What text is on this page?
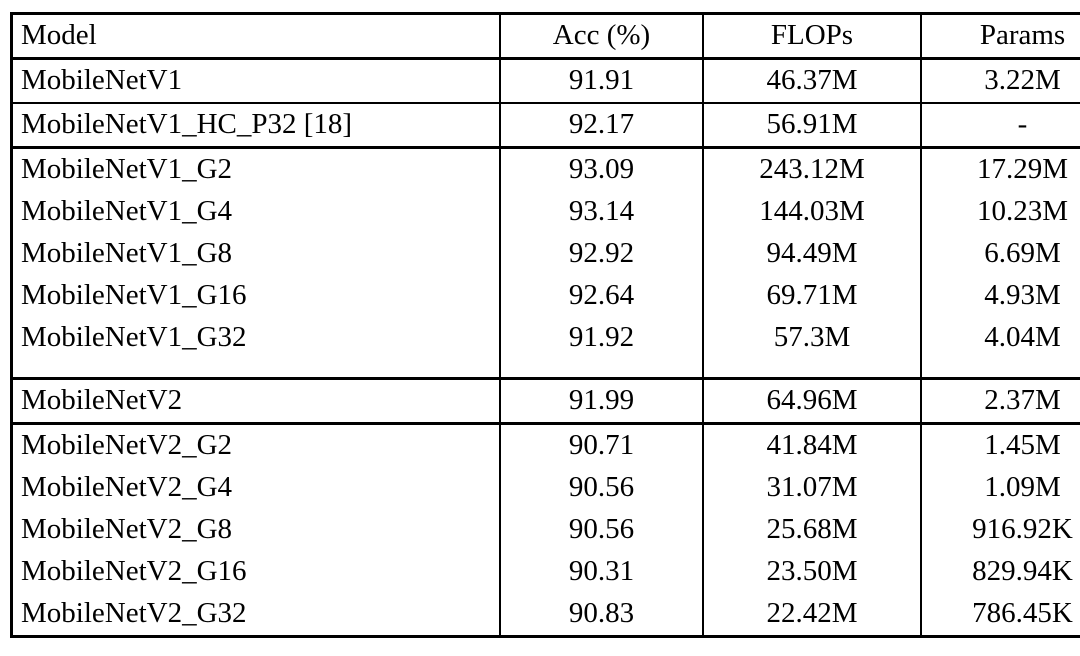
Model	Acc (%)	FLOPs	Params
MobileNetV1	91.91	46.37M	3.22M
MobileNetV1_HC_P32 [18]	92.17	56.91M	-
MobileNetV1_G2	93.09	243.12M	17.29M
MobileNetV1_G4	93.14	144.03M	10.23M
MobileNetV1_G8	92.92	94.49M	6.69M
MobileNetV1_G16	92.64	69.71M	4.93M
MobileNetV1_G32	91.92	57.3M	4.04M

MobileNetV2	91.99	64.96M	2.37M
MobileNetV2_G2	90.71	41.84M	1.45M
MobileNetV2_G4	90.56	31.07M	1.09M
MobileNetV2_G8	90.56	25.68M	916.92K
MobileNetV2_G16	90.31	23.50M	829.94K
MobileNetV2_G32	90.83	22.42M	786.45K
